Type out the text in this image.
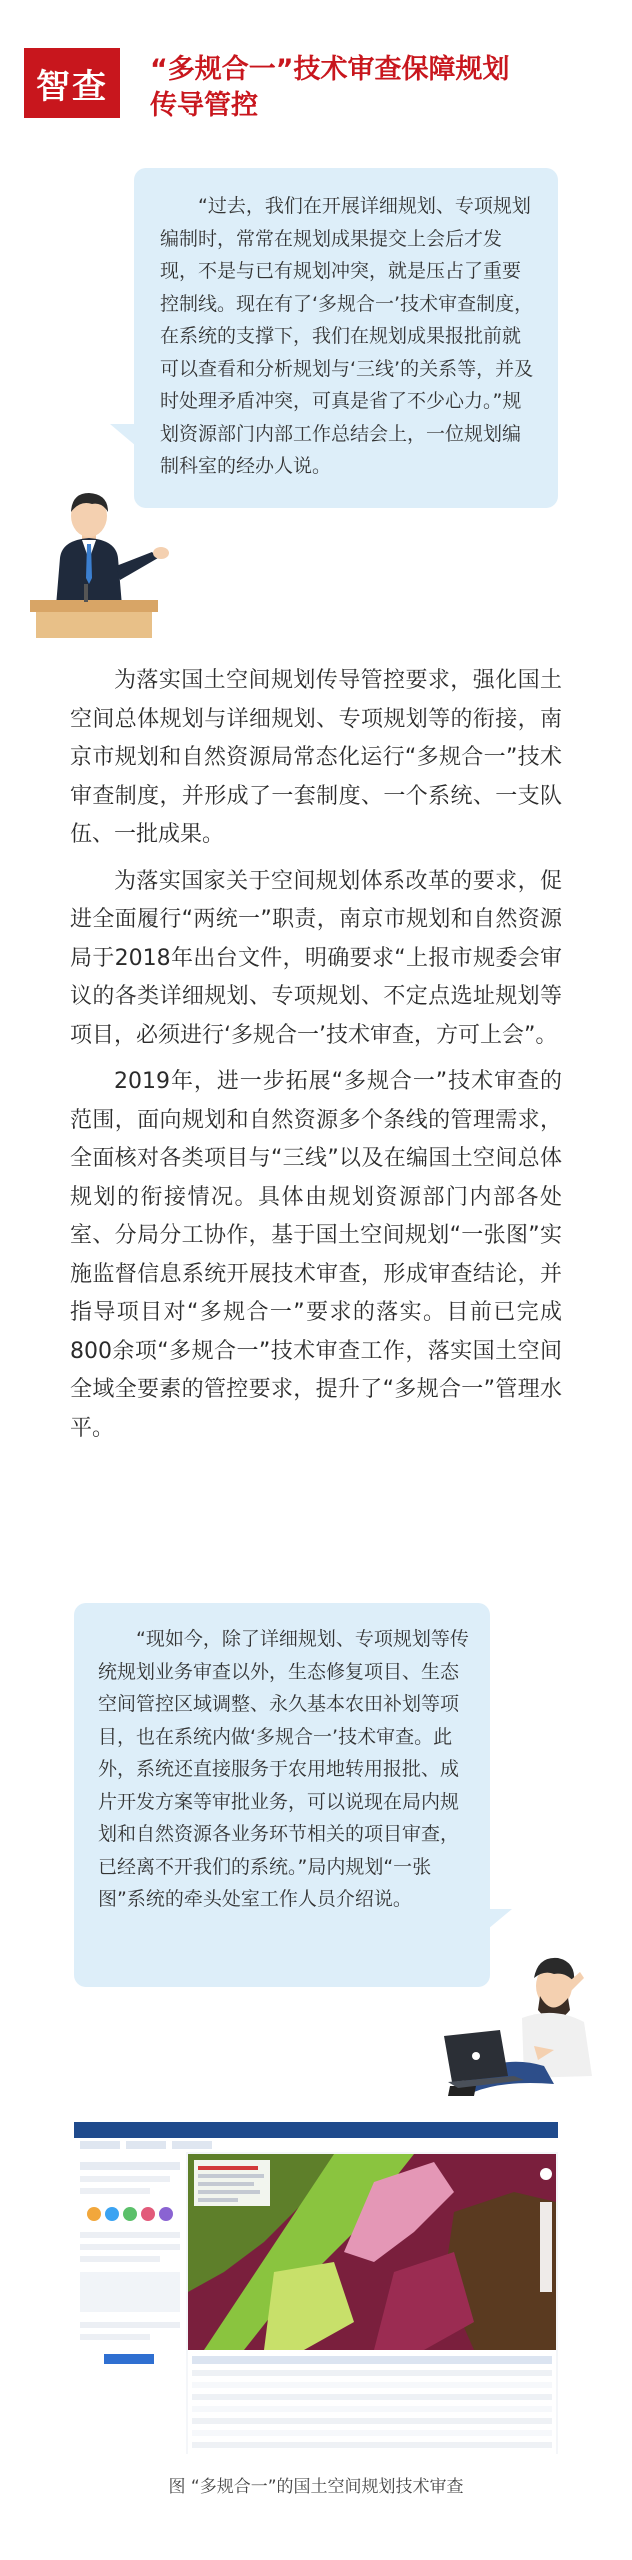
智查	“多规合一”技术审查保障规划
传导管控

“过去，我们在开展详细规划、专项规划编制时，常常在规划成果提交上会后才发现，不是与已有规划冲突，就是压占了重要控制线。现在有了‘多规合一’技术审查制度，在系统的支撑下，我们在规划成果报批前就可以查看和分析规划与‘三线’的关系等，并及时处理矛盾冲突，可真是省了不少心力。”规划资源部门内部工作总结会上，一位规划编制科室的经办人说。

为落实国土空间规划传导管控要求，强化国土空间总体规划与详细规划、专项规划等的衔接，南京市规划和自然资源局常态化运行“多规合一”技术审查制度，并形成了一套制度、一个系统、一支队伍、一批成果。

为落实国家关于空间规划体系改革的要求，促进全面履行“两统一”职责，南京市规划和自然资源局于2018年出台文件，明确要求“上报市规委会审议的各类详细规划、专项规划、不定点选址规划等项目，必须进行‘多规合一’技术审查，方可上会”。

2019年，进一步拓展“多规合一”技术审查的范围，面向规划和自然资源多个条线的管理需求，全面核对各类项目与“三线”以及在编国土空间总体规划的衔接情况。具体由规划资源部门内部各处室、分局分工协作，基于国土空间规划“一张图”实施监督信息系统开展技术审查，形成审查结论，并指导项目对“多规合一”要求的落实。目前已完成800余项“多规合一”技术审查工作，落实国土空间全域全要素的管控要求，提升了“多规合一”管理水平。

“现如今，除了详细规划、专项规划等传统规划业务审查以外，生态修复项目、生态空间管控区域调整、永久基本农田补划等项目，也在系统内做‘多规合一’技术审查。此外，系统还直接服务于农用地转用报批、成片开发方案等审批业务，可以说现在局内规划和自然资源各业务环节相关的项目审查，已经离不开我们的系统。”局内规划“一张图”系统的牵头处室工作人员介绍说。

图 “多规合一”的国土空间规划技术审查
